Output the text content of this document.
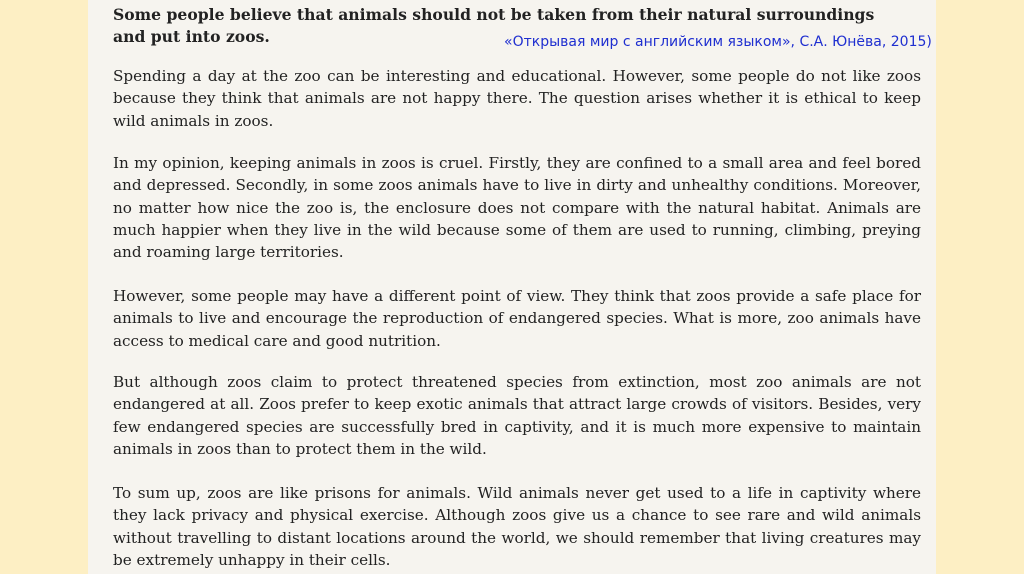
Some people believe that animals should not be taken from their natural surroundings and put into zoos.

Spending a day at the zoo can be interesting and educational. However, some people do not like zoos because they think that animals are not happy there. The question arises whether it is ethical to keep wild animals in zoos.

In my opinion, keeping animals in zoos is cruel. Firstly, they are confined to a small area and feel bored and depressed. Secondly, in some zoos animals have to live in dirty and unhealthy conditions. Moreover, no matter how nice the zoo is, the enclosure does not compare with the natural habitat. Animals are much happier when they live in the wild because some of them are used to running, climbing, preying and roaming large territories.

However, some people may have a different point of view. They think that zoos provide a safe place for animals to live and encourage the reproduction of endangered species. What is more, zoo animals have access to medical care and good nutrition.

But although zoos claim to protect threatened species from extinction, most zoo animals are not endangered at all. Zoos prefer to keep exotic animals that attract large crowds of visitors. Besides, very few endangered species are successfully bred in captivity, and it is much more expensive to maintain animals in zoos than to protect them in the wild.

To sum up, zoos are like prisons for animals. Wild animals never get used to a life in captivity where they lack privacy and physical exercise. Although zoos give us a chance to see rare and wild animals without travelling to distant locations around the world, we should remember that living creatures may be extremely unhappy in their cells.

«Открывая мир с английским языком», С.А. Юнёва, 2015)
